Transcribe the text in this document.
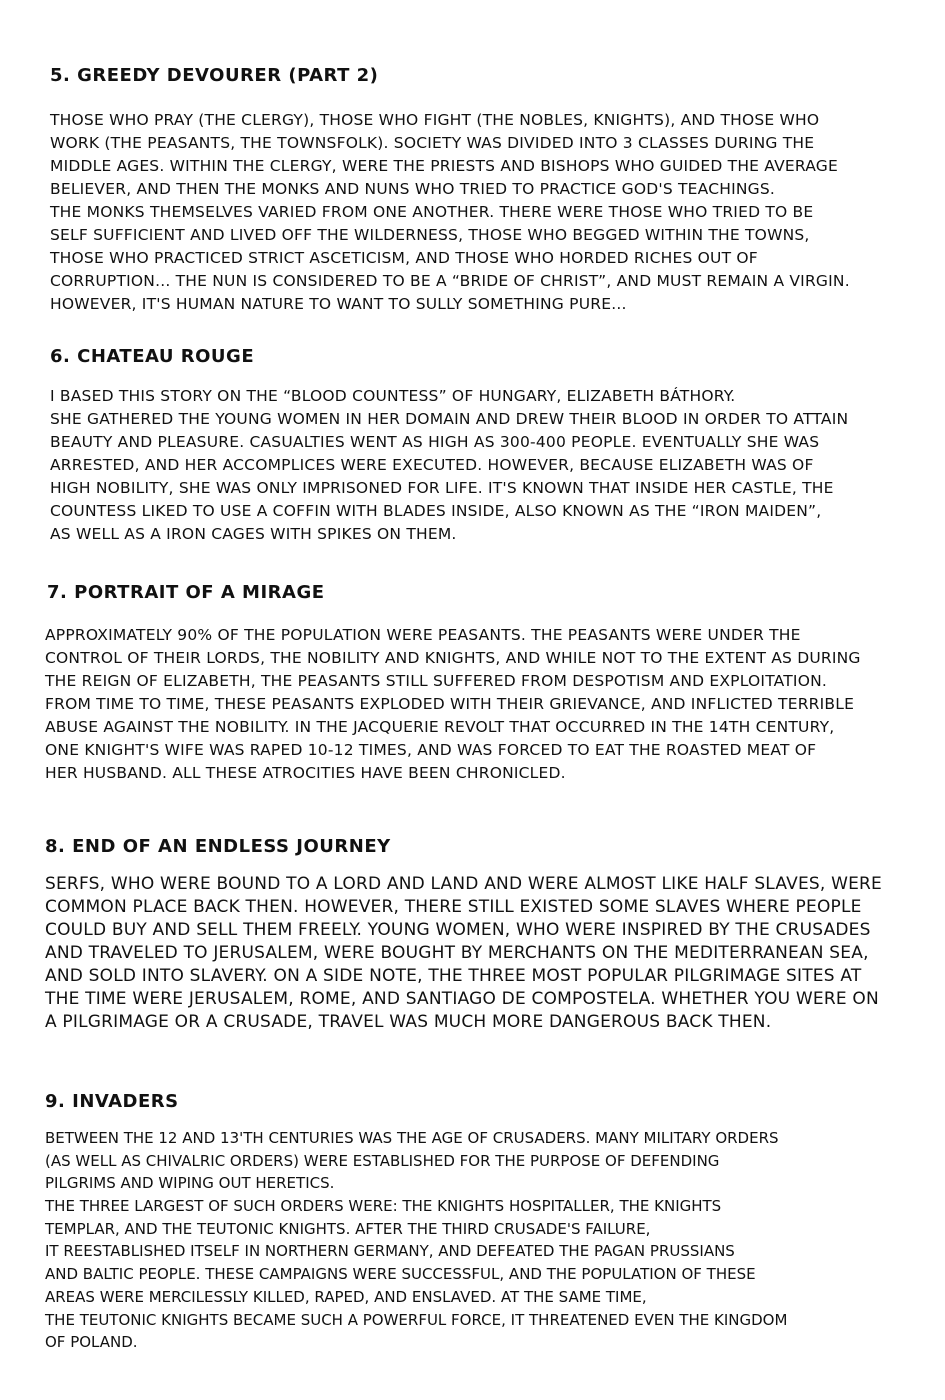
5. GREEDY DEVOURER (PART 2)
THOSE WHO PRAY (THE CLERGY), THOSE WHO FIGHT (THE NOBLES, KNIGHTS), AND THOSE WHO
WORK (THE PEASANTS, THE TOWNSFOLK). SOCIETY WAS DIVIDED INTO 3 CLASSES DURING THE
MIDDLE AGES. WITHIN THE CLERGY, WERE THE PRIESTS AND BISHOPS WHO GUIDED THE AVERAGE
BELIEVER, AND THEN THE MONKS AND NUNS WHO TRIED TO PRACTICE GOD'S TEACHINGS.
THE MONKS THEMSELVES VARIED FROM ONE ANOTHER. THERE WERE THOSE WHO TRIED TO BE
SELF SUFFICIENT AND LIVED OFF THE WILDERNESS, THOSE WHO BEGGED WITHIN THE TOWNS,
THOSE WHO PRACTICED STRICT ASCETICISM, AND THOSE WHO HORDED RICHES OUT OF
CORRUPTION... THE NUN IS CONSIDERED TO BE A “BRIDE OF CHRIST”, AND MUST REMAIN A VIRGIN.
HOWEVER, IT'S HUMAN NATURE TO WANT TO SULLY SOMETHING PURE...
6. CHATEAU ROUGE
I BASED THIS STORY ON THE “BLOOD COUNTESS” OF HUNGARY, ELIZABETH BÁTHORY.
SHE GATHERED THE YOUNG WOMEN IN HER DOMAIN AND DREW THEIR BLOOD IN ORDER TO ATTAIN
BEAUTY AND PLEASURE. CASUALTIES WENT AS HIGH AS 300-400 PEOPLE. EVENTUALLY SHE WAS
ARRESTED, AND HER ACCOMPLICES WERE EXECUTED. HOWEVER, BECAUSE ELIZABETH WAS OF
HIGH NOBILITY, SHE WAS ONLY IMPRISONED FOR LIFE. IT'S KNOWN THAT INSIDE HER CASTLE, THE
COUNTESS LIKED TO USE A COFFIN WITH BLADES INSIDE, ALSO KNOWN AS THE “IRON MAIDEN”,
AS WELL AS A IRON CAGES WITH SPIKES ON THEM.
7. PORTRAIT OF A MIRAGE
APPROXIMATELY 90% OF THE POPULATION WERE PEASANTS. THE PEASANTS WERE UNDER THE
CONTROL OF THEIR LORDS, THE NOBILITY AND KNIGHTS, AND WHILE NOT TO THE EXTENT AS DURING
THE REIGN OF ELIZABETH, THE PEASANTS STILL SUFFERED FROM DESPOTISM AND EXPLOITATION.
FROM TIME TO TIME, THESE PEASANTS EXPLODED WITH THEIR GRIEVANCE, AND INFLICTED TERRIBLE
ABUSE AGAINST THE NOBILITY. IN THE JACQUERIE REVOLT THAT OCCURRED IN THE 14TH CENTURY,
ONE KNIGHT'S WIFE WAS RAPED 10-12 TIMES, AND WAS FORCED TO EAT THE ROASTED MEAT OF
HER HUSBAND. ALL THESE ATROCITIES HAVE BEEN CHRONICLED.
8. END OF AN ENDLESS JOURNEY
SERFS, WHO WERE BOUND TO A LORD AND LAND AND WERE ALMOST LIKE HALF SLAVES, WERE
COMMON PLACE BACK THEN. HOWEVER, THERE STILL EXISTED SOME SLAVES WHERE PEOPLE
COULD BUY AND SELL THEM FREELY. YOUNG WOMEN, WHO WERE INSPIRED BY THE CRUSADES
AND TRAVELED TO JERUSALEM, WERE BOUGHT BY MERCHANTS ON THE MEDITERRANEAN SEA,
AND SOLD INTO SLAVERY. ON A SIDE NOTE, THE THREE MOST POPULAR PILGRIMAGE SITES AT
THE TIME WERE JERUSALEM, ROME, AND SANTIAGO DE COMPOSTELA. WHETHER YOU WERE ON
A PILGRIMAGE OR A CRUSADE, TRAVEL WAS MUCH MORE DANGEROUS BACK THEN.
9. INVADERS
BETWEEN THE 12 AND 13'TH CENTURIES WAS THE AGE OF CRUSADERS. MANY MILITARY ORDERS
(AS WELL AS CHIVALRIC ORDERS) WERE ESTABLISHED FOR THE PURPOSE OF DEFENDING
PILGRIMS AND WIPING OUT HERETICS.
THE THREE LARGEST OF SUCH ORDERS WERE: THE KNIGHTS HOSPITALLER, THE KNIGHTS
TEMPLAR, AND THE TEUTONIC KNIGHTS. AFTER THE THIRD CRUSADE'S FAILURE,
IT REESTABLISHED ITSELF IN NORTHERN GERMANY, AND DEFEATED THE PAGAN PRUSSIANS
AND BALTIC PEOPLE. THESE CAMPAIGNS WERE SUCCESSFUL, AND THE POPULATION OF THESE
AREAS WERE MERCILESSLY KILLED, RAPED, AND ENSLAVED. AT THE SAME TIME,
THE TEUTONIC KNIGHTS BECAME SUCH A POWERFUL FORCE, IT THREATENED EVEN THE KINGDOM
OF POLAND.
